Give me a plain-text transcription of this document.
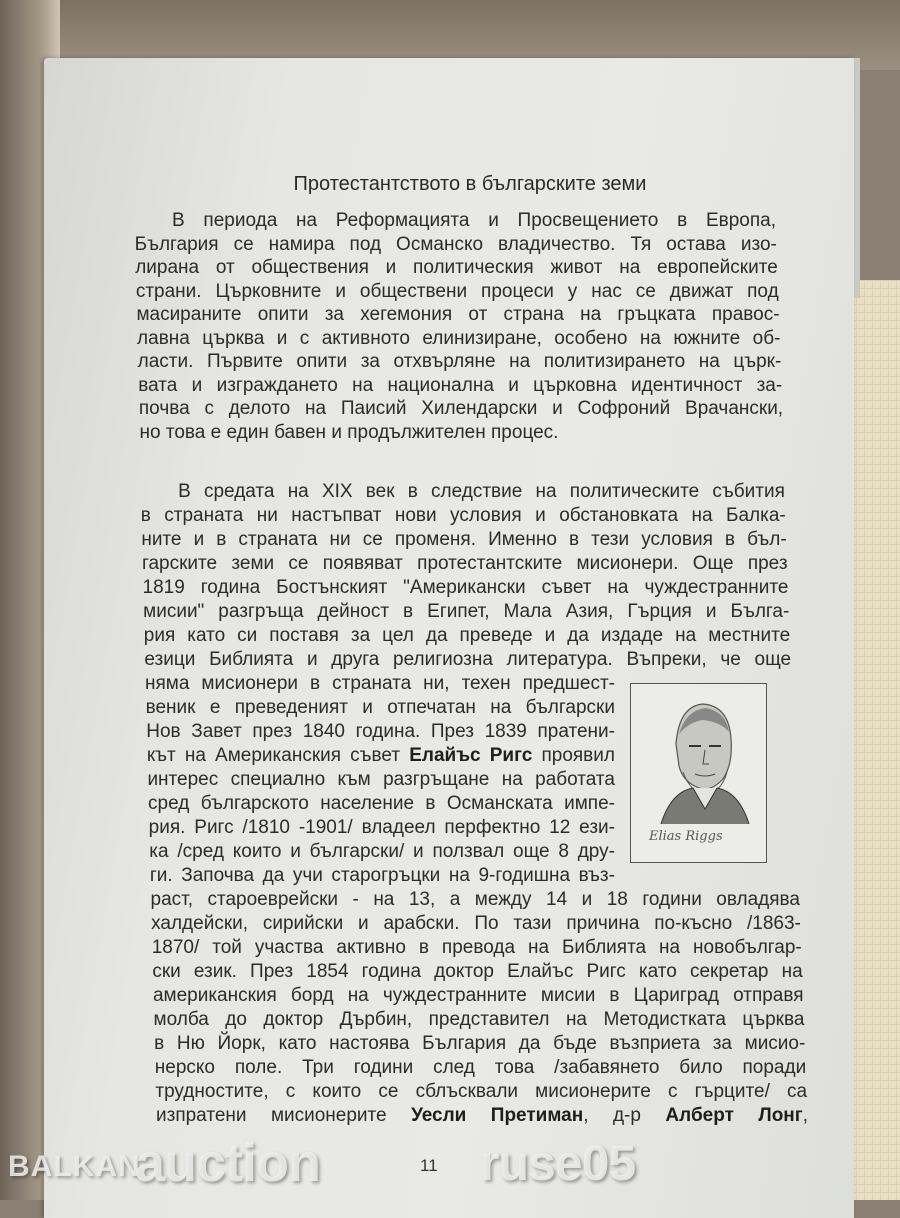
Протестантството в българските земи
В периода на Реформацията и Просвещението в Европа,
България се намира под Османско владичество. Тя остава изо-
лирана от обществения и политическия живот на европейските
страни. Църковните и обществени процеси у нас се движат под
масираните опити за хегемония от страна на гръцката правос-
лавна църква и с активното елинизиране, особено на южните об-
ласти. Първите опити за отхвърляне на политизирането на църк-
вата и изграждането на национална и църковна идентичност за-
почва с делото на Паисий Хилендарски и Софроний Врачански,
но това е един бавен и продължителен процес.
В средата на XIX век в следствие на политическите събития
в страната ни настъпват нови условия и обстановката на Балка-
ните и в страната ни се променя. Именно в тези условия в бъл-
гарските земи се появяват протестантските мисионери. Още през
1819 година Бостънският "Американски съвет на чуждестранните
мисии" разгръща дейност в Египет, Мала Азия, Гърция и Бълга-
рия като си поставя за цел да преведе и да издаде на местните
езици Библията и друга религиозна литература. Въпреки, че още
няма мисионери в страната ни, техен предшест-
веник е преведеният и отпечатан на български
Нов Завет през 1840 година. През 1839 пратени-
кът на Американския съвет Елайъс Ригс проявил
интерес специално към разгръщане на работата
сред българското население в Османската импе-
рия. Ригс /1810 -1901/ владеел перфектно 12 ези-
ка /сред които и български/ и ползвал още 8 дру-
ги. Започва да учи старогръцки на 9-годишна въз-
раст, староеврейски - на 13, а между 14 и 18 години овладява
халдейски, сирийски и арабски. По тази причина по-късно /1863-
1870/ той участва активно в превода на Библията на новобългар-
ски език. През 1854 година доктор Елайъс Ригс като секретар на
американския борд на чуждестранните мисии в Цариград отправя
молба до доктор Дърбин, представител на Методистката църква
в Ню Йорк, като настоява България да бъде възприета за мисио-
нерско поле. Три години след това /забавянето било поради
трудностите, с които се сблъсквали мисионерите с гърците/ са
изпратени мисионерите Уесли Претиман, д-р Алберт Лонг,
Elias Riggs
11
BALKAN
auction	ruse05
